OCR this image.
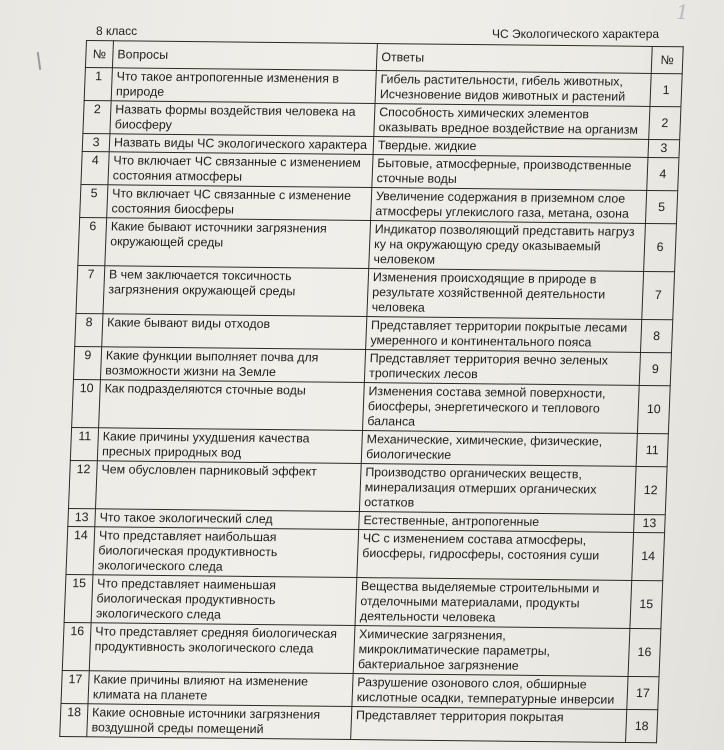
1
8 класс	ЧС Экологического характера
№	Вопросы	Ответы	№
1	Что такое антропогенные изменения в природе	Гибель растительности, гибель животных, Исчезновение видов животных и растений	1
2	Назвать формы воздействия человека на биосферу	Способность химических элементов оказывать вредное воздействие на организм	2
3	Назвать виды ЧС экологического характера	Твердые. жидкие	3
4	Что включает ЧС связанные с изменением состояния атмосферы	Бытовые, атмосферные, производственные сточные воды	4
5	Что включает ЧС связанные с изменение состояния биосферы	Увеличение содержания в приземном слое атмосферы углекислого газа, метана, озона	5
6	Какие бывают источники загрязнения окружающей среды	Индикатор позволяющий представить нагруз ку на окружающую среду оказываемый человеком	6
7	В чем заключается токсичность загрязнения окружающей среды	Изменения происходящие в природе в результате хозяйственной деятельности человека	7
8	Какие бывают виды отходов	Представляет территории покрытые лесами умеренного и континентального пояса	8
9	Какие функции выполняет почва для возможности жизни на Земле	Представляет территория вечно зеленых тропических лесов	9
10	Как подразделяются сточные воды	Изменения состава земной поверхности, биосферы, энергетического и теплового баланса	10
11	Какие причины ухудшения качества пресных природных вод	Механические, химические, физические, биологические	11
12	Чем обусловлен парниковый эффект	Производство органических веществ, минерализация отмерших органических остатков	12
13	Что такое экологический след	Естественные, антропогенные	13
14	Что представляет наибольшая биологическая продуктивность экологического следа	ЧС с изменением состава атмосферы, биосферы, гидросферы, состояния суши	14
15	Что представляет наименьшая биологическая продуктивность экологического следа	Вещества выделяемые строительными и отделочными материалами, продукты деятельности человека	15
16	Что представляет средняя биологическая продуктивность экологического следа	Химические загрязнения, микроклиматические параметры, бактериальное загрязнение	16
17	Какие причины влияют на изменение климата на планете	Разрушение озонового слоя, обширные кислотные осадки, температурные инверсии	17
18	Какие основные источники загрязнения воздушной среды помещений	Представляет территория покрытая	18
